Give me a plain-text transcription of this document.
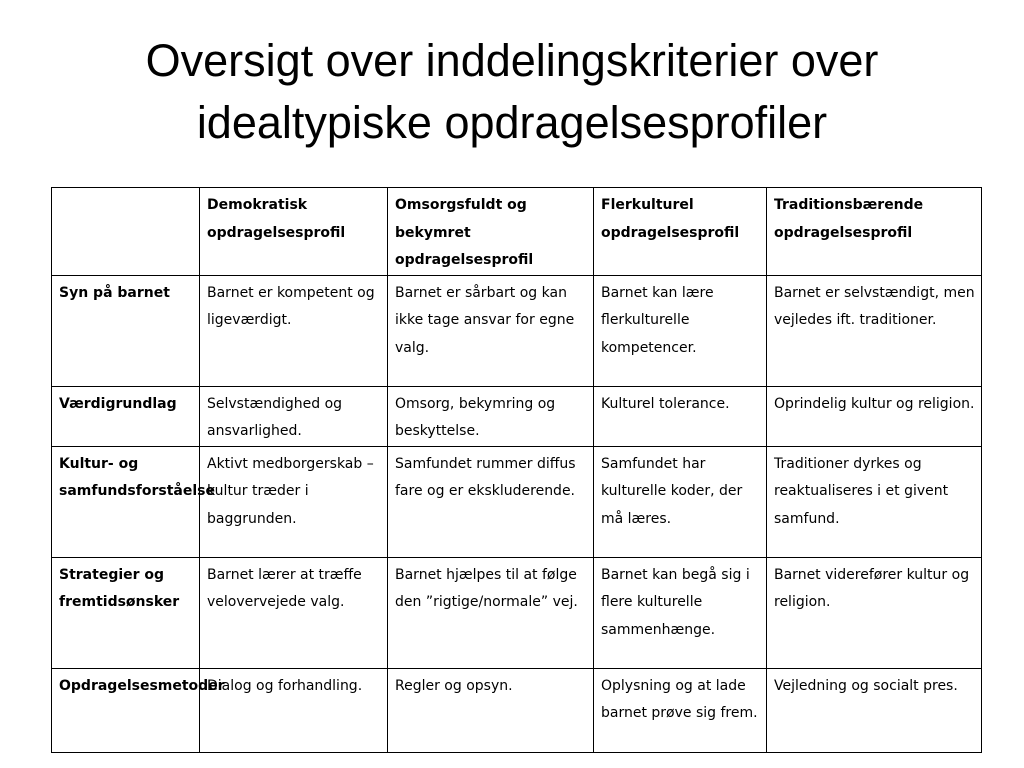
Oversigt over inddelingskriterier over
idealtypiske opdragelsesprofiler
	Demokratisk opdragelsesprofil	Omsorgsfuldt og bekymret opdragelsesprofil	Flerkulturel opdragelsesprofil	Traditionsbærende opdragelsesprofil
Syn på barnet	Barnet er kompetent og ligeværdigt.	Barnet er sårbart og kan ikke tage ansvar for egne valg.	Barnet kan lære flerkulturelle kompetencer.	Barnet er selvstændigt, men vejledes ift. traditioner.
Værdigrundlag	Selvstændighed og ansvarlighed.	Omsorg, bekymring og beskyttelse.	Kulturel tolerance.	Oprindelig kultur og religion.
Kultur- og samfundsforståelse	Aktivt medborgerskab – kultur træder i baggrunden.	Samfundet rummer diffus fare og er ekskluderende.	Samfundet har kulturelle koder, der må læres.	Traditioner dyrkes og reaktualiseres i et givent samfund.
Strategier og fremtidsønsker	Barnet lærer at træffe velovervejede valg.	Barnet hjælpes til at følge den ”rigtige/normale” vej.	Barnet kan begå sig i flere kulturelle sammenhænge.	Barnet viderefører kultur og religion.
Opdragelsesmetoder	Dialog og forhandling.	Regler og opsyn.	Oplysning og at lade barnet prøve sig frem.	Vejledning og socialt pres.
